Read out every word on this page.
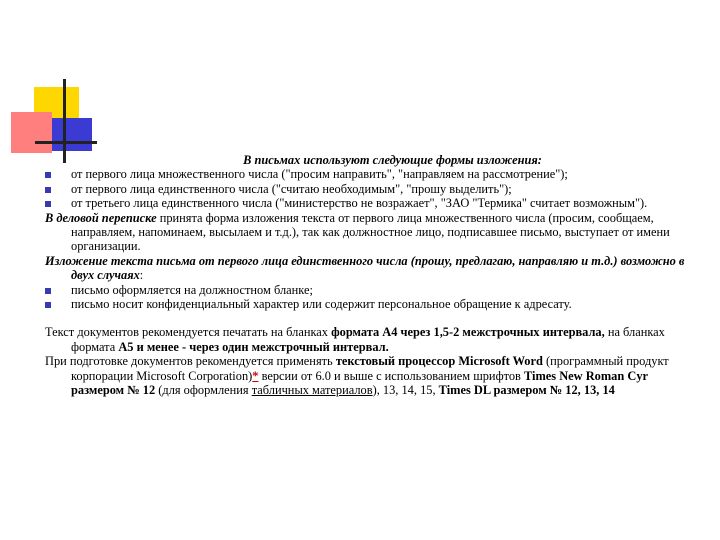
В письмах используют следующие формы изложения:
от первого лица множественного числа ("просим направить", "направляем на рассмотрение");
от первого лица единственного числа ("считаю необходимым", "прошу выделить");
от третьего лица единственного числа ("министерство не возражает", "ЗАО "Термика" считает возможным").
В деловой переписке принята форма изложения текста от первого лица множественного числа (просим, сообщаем, направляем, напоминаем, высылаем и т.д.), так как должностное лицо, подписавшее письмо, выступает от имени организации.
Изложение текста письма от первого лица единственного числа (прошу, предлагаю, направляю и т.д.) возможно в двух случаях:
письмо оформляется на должностном бланке;
письмо носит конфиденциальный характер или содержит персональное обращение к адресату.
Текст документов рекомендуется печатать на бланках формата А4 через 1,5-2 межстрочных интервала, на бланках формата А5 и менее - через один межстрочный интервал.
При подготовке документов рекомендуется применять текстовый процессор Microsoft Word (программный продукт корпорации Microsoft Corporation)* версии от 6.0 и выше с использованием шрифтов Times New Roman Cyr размером № 12 (для оформления табличных материалов), 13, 14, 15, Times DL размером № 12, 13, 14
